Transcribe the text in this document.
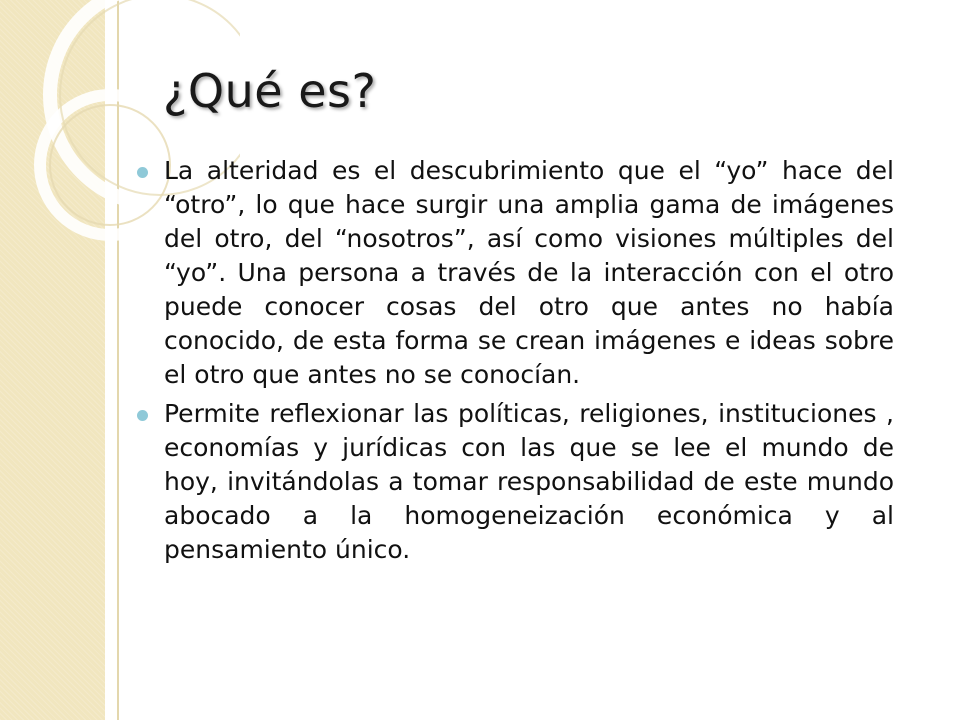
¿Qué es?

La alteridad es el descubrimiento que el “yo” hace del “otro”, lo que hace surgir una amplia gama de imágenes del otro, del “nosotros”, así como visiones múltiples del “yo”. Una persona a través de la interacción con el otro puede conocer cosas del otro que antes no había conocido, de esta forma se crean imágenes e ideas sobre el otro que antes no se conocían.

Permite reflexionar las políticas, religiones, instituciones , economías y jurídicas con las que se lee el mundo de hoy, invitándolas a tomar responsabilidad de este mundo abocado a la homogeneización económica y al pensamiento único.
